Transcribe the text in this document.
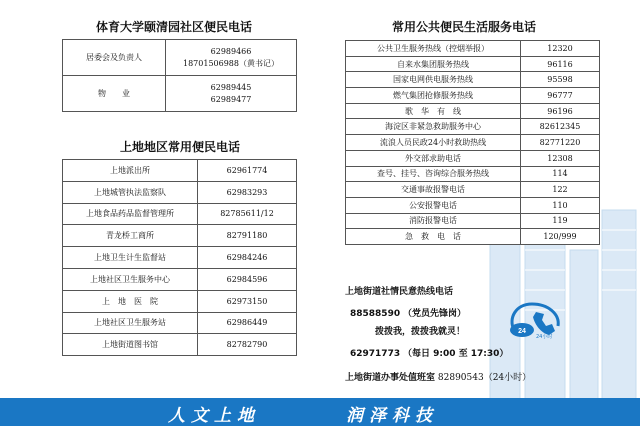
体育大学颐清园社区便民电话
居委会及负责人	62989466
18701506988（黄书记）
物　　业	62989445
62989477
上地地区常用便民电话
上地派出所	62961774
上地城管执法监察队	62983293
上地食品药品监督管理所	82785611/12
青龙桥工商所	82791180
上地卫生计生监督站	62984246
上地社区卫生服务中心	62984596
上　地　医　院	62973150
上地社区卫生服务站	62986449
上地街道图书馆	82782790
常用公共便民生活服务电话
公共卫生服务热线（控烟举报）	12320
自来水集团服务热线	96116
国家电网供电服务热线	95598
燃气集团抢修服务热线	96777
歌　华　有　线	96196
海淀区非紧急救助服务中心	82612345
流浪人员民政24小时救助热线	82771220
外交部求助电话	12308
查号、挂号、咨询综合服务热线	114
交通事故报警电话	122
公安报警电话	110
消防报警电话	119
急　救　电　话	120/999
上地街道社情民意热线电话
88588590 （党员先锋岗）
拨拨我，拨拨我就灵！
62971773 （每日 9:00 至 17:30）
上地街道办事处值班室 82890543（24小时）
24
24小时
人文上地	润泽科技
